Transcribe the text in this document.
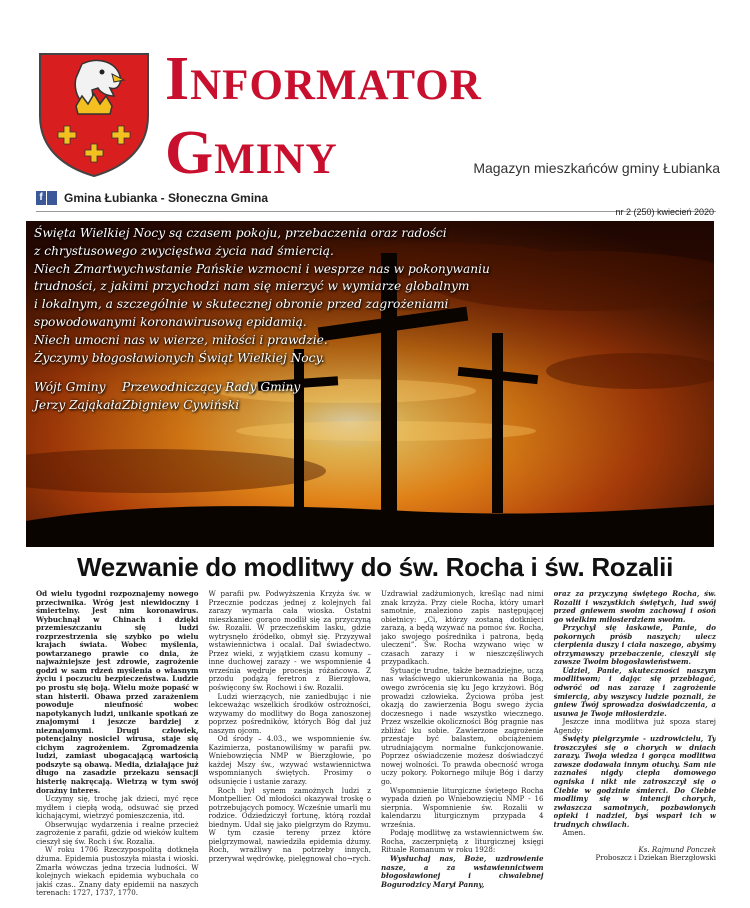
Informator
Gminy	Magazyn mieszkańców gminy Łubianka
f Gmina Łubianka - Słoneczna Gmina
nr 2 (250) kwiecień 2020
Święta Wielkiej Nocy są czasem pokoju, przebaczenia oraz radości
z chrystusowego zwycięstwa życia nad śmiercią.
Niech Zmartwychwstanie Pańskie wzmocni i wesprze nas w pokonywaniu
trudności, z jakimi przychodzi nam się mierzyć w wymiarze globalnym
i lokalnym, a szczególnie w skutecznej obronie przed zagrożeniami
spowodowanymi koronawirusową epidamią.
Niech umocni nas w wierze, miłości i prawdzie.
Życzymy błogosławionych Świąt Wielkiej Nocy.
Wójt Gminy	Przewodniczący Rady Gminy
Jerzy Zająkała Zbigniew Cywiński
Wezwanie do modlitwy do św. Rocha i św. Rozalii

Od wielu tygodni rozpoznajemy nowego przeciwnika. Wróg jest niewidoczny i śmiertelny. Jest nim koronawirus. Wybuchnął w Chinach i dzięki przemieszczaniu się ludzi rozprzestrzenia się szybko po wielu krajach świata. Wobec myślenia, powtarzanego prawie co dnia, że najważniejsze jest zdrowie, zagrożenie godzi w sam rdzeń myślenia o własnym życiu i poczuciu bezpieczeństwa. Ludzie po prostu się boją. Wielu może popaść w stan histerii. Obawa przed zarażeniem powoduje nieufność wobec napotykanych ludzi, unikanie spotkań ze znajomymi i jeszcze bardziej z nieznajomymi. Drugi człowiek, potencjalny nosiciel wirusa, staje się cichym zagrożeniem. Zgromadzenia ludzi, zamiast ubogacającą wartością podszyte są obawą. Media, działające już długo na zasadzie przekazu sensacji histerię nakręcają. Wietrzą w tym swój doraźny interes.

Uczymy się, trochę jak dzieci, myć ręce mydłem i ciepłą wodą, odsuwać się przed kichającymi, wietrzyć pomieszczenia, itd.

Obserwując wydarzenia i realne przecież zagrożenie z parafii, gdzie od wieków kultem cieszył się św. Roch i św. Rozalia.

W roku 1706 Rzeczypospolitą dotknęła dżuma. Epidemia pustoszyła miasta i wioski. Zmarła wówczas jedna trzecia ludności. W kolejnych wiekach epidemia wybuchała co jakiś czas.. Znany daty epidemii na naszych terenach: 1727, 1737, 1770.

W parafii pw. Podwyższenia Krzyża św. w Przecznie podczas jednej z kolejnych fal zarazy wymarła cała wioska. Ostatni mieszkaniec gorąco modlił się za przyczyną św. Rozalii. W przeczeńskim lasku, gdzie wytrysnęło źródełko, obmył się. Przyzywał wstawiennictwa i ocalał. Dał świadectwo. Przez wieki, z wyjątkiem czasu komuny – inne duchowej zarazy - we wspomnienie 4 września wędruje procesja różańcowa. Z przodu podążą feretron z Bierzgłowa, poświęcony św. Rochowi i św. Rozalii.

Ludzi wierzących, nie zaniedbując i nie lekceważąc wszelkich środków ostrożności, wzywamy do modlitwy do Boga zanoszonej poprzez pośredników, których Bóg dał już naszym ojcom.

Od środy – 4.03., we wspomnienie św. Kazimierza, postanowiliśmy w parafii pw. Wniebowzięcia NMP w Bierzgłowie, po każdej Mszy św., wzywać wstawiennictwa wspomnianych świętych. Prosimy o odsunięcie i ustanie zarazy.

Roch był synem zamożnych ludzi z Montpellier. Od młodości okazywał troskę o potrzebujących pomocy. Wcześnie umarli mu rodzice. Odziedziczył fortunę, którą rozdał biednym. Udał się jako pielgrzym do Rzymu. W tym czasie tereny przez które pielgrzymował, nawiedziła epidemia dżumy. Roch, wrażliwy na potrzeby innych, przerywał wędrówkę, pielęgnował cho¬rych.

Uzdrawiał zadżumionych, kreśląc nad nimi znak krzyża. Przy ciele Rocha, który umarł samotnie, znaleziono zapis następującej obietnicy: „Ci, którzy zostaną dotknięci zarazą, a będą wzywać na pomoc św. Rocha, jako swojego pośrednika i patrona, będą uleczeni”. Św. Rocha wzywano więc w czasach zarazy i w nieszczęśliwych przypadkach.

Sytuacje trudne, także beznadziejne, uczą nas właściwego ukierunkowania na Boga, owego zwrócenia się ku Jego krzyżowi. Bóg prowadzi człowieka. Życiowa próba jest okazją do zawierzenia Bogu swego życia doczesnego i nade wszystko wiecznego. Przez wszelkie okoliczności Bóg pragnie nas zbliżać ku sobie. Zawierzone zagrożenie przestaje być balastem, obciążeniem utrudniającym normalne funkcjonowanie. Poprzez oświadczenie możesz doświadczyć nowej wolności. To prawda obecność wroga uczy pokory. Pokornego miłuje Bóg i darzy go.

Wspomnienie liturgiczne świętego Rocha wypada dzień po Wniebowzięciu NMP - 16 sierpnia. Wspomnienie św. Rozalii w kalendarzu liturgicznym przypada 4 września.

Podaję modlitwę za wstawiennictwem św. Rocha, zaczerpniętą z liturgicznej księgi Rituale Romanum w roku 1928:

Wysłuchaj nas, Boże, uzdrowienie nasze, a za wstawiennictwem błogosławionej i chwalebnej Bogurodzicy Maryi Panny,

oraz za przyczyną świętego Rocha, św. Rozalii i wszystkich świętych, lud swój przed gniewem swoim zachowaj i ośoń go wielkim miłosierdziem swoim.

Przychyl się łaskawie, Panie, do pokornych próśb naszych; ulecz cierpienia duszy i ciała naszego, abyśmy otrzymawszy przebaczenie, cieszyli się zawsze Twoim błogosławieństwem.

Udziel, Panie, skuteczności naszym modlitwom; i dając się przebłagać, odwróć od nas zarazę i zagrożenie śmiercią, aby wszyscy ludzie poznali, że gniew Twój sprowadza doświadczenia, a usuwa je Twoje miłosierdzie.

Jeszcze inna modlitwa już spoza starej Agendy:

Święty pielgrzymie - uzdrowicielu, Ty troszczyłeś się o chorych w dniach zarazy. Twoja wiedza i gorąca modlitwa zawsze dodawała innym otuchy. Sam nie zaznałeś nigdy ciepła domowego ogniska i nikt nie zatroszczył się o Ciebie w godzinie śmierci. Do Ciebie modlimy się w intencji chorych, zwłaszcza samotnych, pozbawionych opieki i nadziei, byś wsparł ich w trudnych chwilach.

Amen.

Ks. Rajmund Ponczek

Proboszcz i Dziekan Bierzgłowski
